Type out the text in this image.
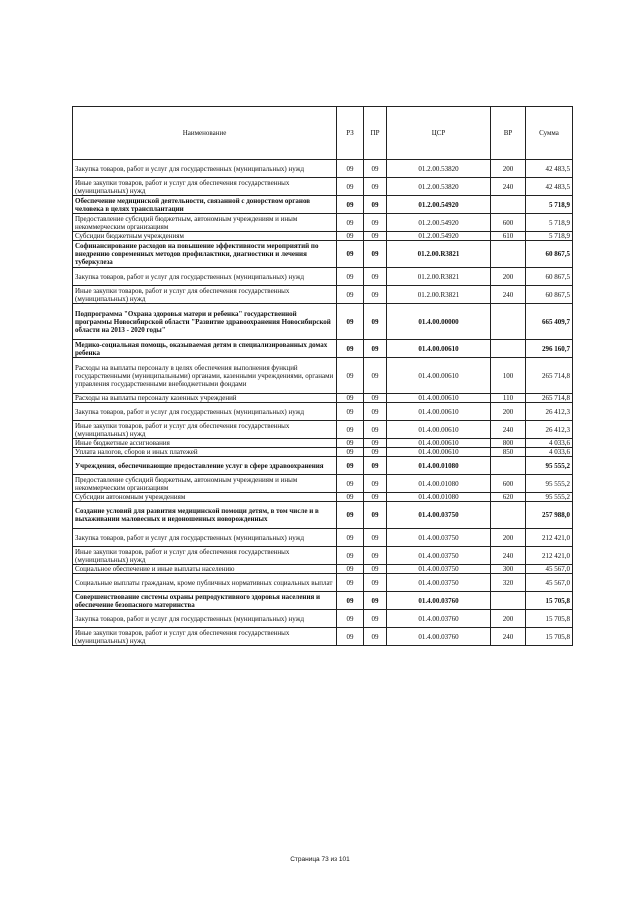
Наименование	РЗ	ПР	ЦСР	ВР	Сумма
Закупка товаров, работ и услуг для государственных (муниципальных) нужд	09	09	01.2.00.53820	200	42 483,5
Иные закупки товаров, работ и услуг для обеспечения государственных (муниципальных) нужд	09	09	01.2.00.53820	240	42 483,5
Обеспечение медицинской деятельности, связанной с донорством органов человека в целях трансплантации	09	09	01.2.00.54920		5 718,9
Предоставление субсидий бюджетным, автономным учреждениям и иным некоммерческим организациям	09	09	01.2.00.54920	600	5 718,9
Субсидии бюджетным учреждениям	09	09	01.2.00.54920	610	5 718,9
Софинансирование расходов на повышение эффективности мероприятий по внедрению современных методов профилактики, диагностики и лечения туберкулеза	09	09	01.2.00.R3821		60 867,5
Закупка товаров, работ и услуг для государственных (муниципальных) нужд	09	09	01.2.00.R3821	200	60 867,5
Иные закупки товаров, работ и услуг для обеспечения государственных (муниципальных) нужд	09	09	01.2.00.R3821	240	60 867,5
Подпрограмма "Охрана здоровья матери и ребенка" государственной программы Новосибирской области "Развитие здравоохранения Новосибирской области на 2013 - 2020 годы"	09	09	01.4.00.00000		665 409,7
Медико-социальная помощь, оказываемая детям в специализированных домах ребенка	09	09	01.4.00.00610		296 160,7
Расходы на выплаты персоналу в целях обеспечения выполнения функций государственными (муниципальными) органами, казенными учреждениями, органами управления государственными внебюджетными фондами	09	09	01.4.00.00610	100	265 714,8
Расходы на выплаты персоналу казенных учреждений	09	09	01.4.00.00610	110	265 714,8
Закупка товаров, работ и услуг для государственных (муниципальных) нужд	09	09	01.4.00.00610	200	26 412,3
Иные закупки товаров, работ и услуг для обеспечения государственных (муниципальных) нужд	09	09	01.4.00.00610	240	26 412,3
Иные бюджетные ассигнования	09	09	01.4.00.00610	800	4 033,6
Уплата налогов, сборов и иных платежей	09	09	01.4.00.00610	850	4 033,6
Учреждения, обеспечивающие предоставление услуг в сфере здравоохранения	09	09	01.4.00.01080		95 555,2
Предоставление субсидий бюджетным, автономным учреждениям и иным некоммерческим организациям	09	09	01.4.00.01080	600	95 555,2
Субсидии автономным учреждениям	09	09	01.4.00.01080	620	95 555,2
Создание условий для развития медицинской помощи детям, в том числе и в выхаживании маловесных и недоношенных новорожденных	09	09	01.4.00.03750		257 988,0
Закупка товаров, работ и услуг для государственных (муниципальных) нужд	09	09	01.4.00.03750	200	212 421,0
Иные закупки товаров, работ и услуг для обеспечения государственных (муниципальных) нужд	09	09	01.4.00.03750	240	212 421,0
Социальное обеспечение и иные выплаты населению	09	09	01.4.00.03750	300	45 567,0
Социальные выплаты гражданам, кроме публичных нормативных социальных выплат	09	09	01.4.00.03750	320	45 567,0
Совершенствование системы охраны репродуктивного здоровья населения и обеспечение безопасного материнства	09	09	01.4.00.03760		15 705,8
Закупка товаров, работ и услуг для государственных (муниципальных) нужд	09	09	01.4.00.03760	200	15 705,8
Иные закупки товаров, работ и услуг для обеспечения государственных (муниципальных) нужд	09	09	01.4.00.03760	240	15 705,8
Страница 73 из 101
